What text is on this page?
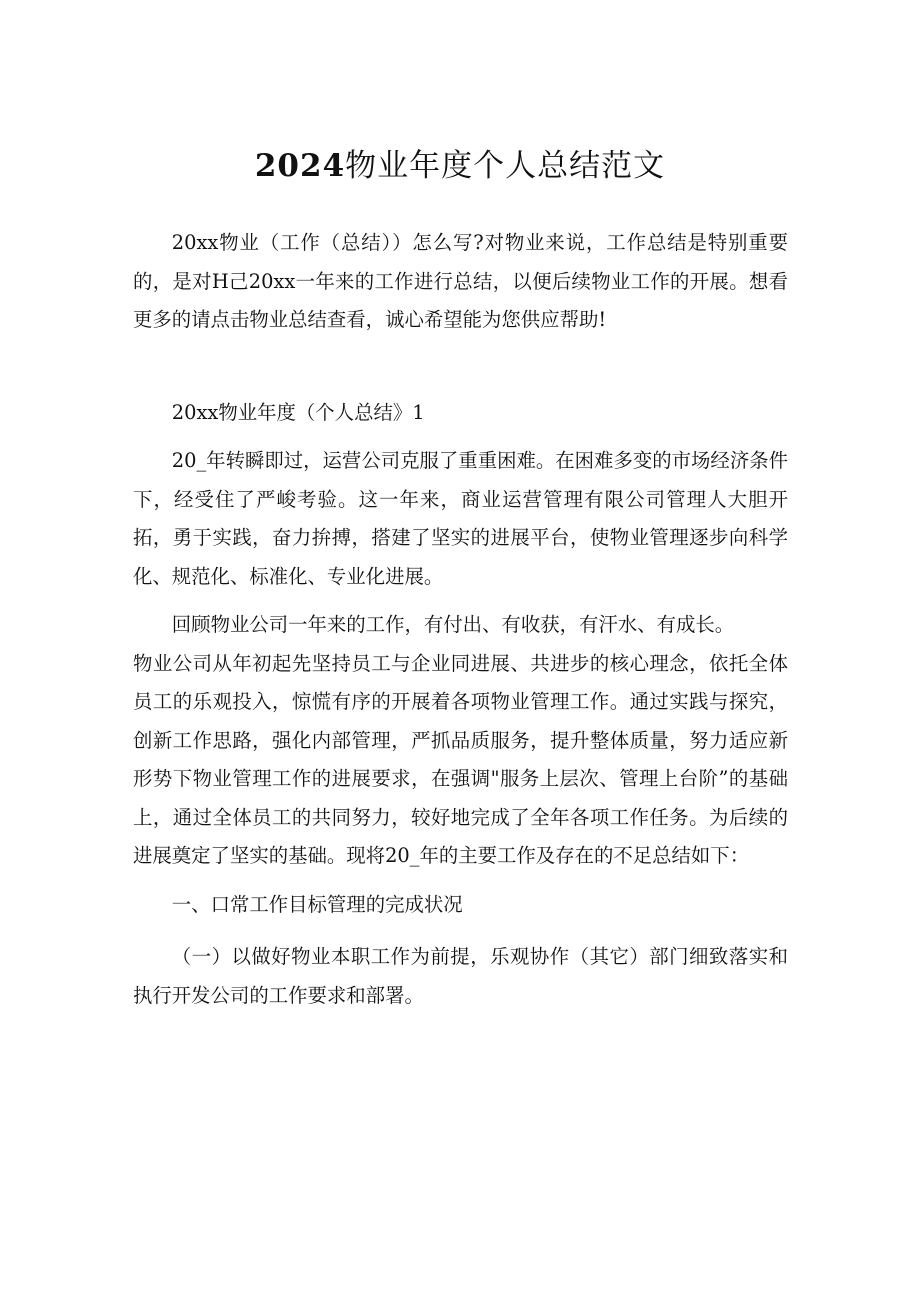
2024物业年度个人总结范文

20xx物业（工作（总结））怎么写?对物业来说，工作总结是特别重要的，是对H己20xx一年来的工作进行总结，以便后续物业工作的开展。想看更多的请点击物业总结查看，诚心希望能为您供应帮助!

20xx物业年度（个人总结》1

20_年转瞬即过，运营公司克服了重重困难。在困难多变的市场经济条件下，经受住了严峻考验。这一年来，商业运营管理有限公司管理人大胆开拓，勇于实践，奋力拚搏，搭建了坚实的进展平台，使物业管理逐步向科学化、规范化、标准化、专业化进展。

回顾物业公司一年来的工作，有付出、有收获，有汗水、有成长。

物业公司从年初起先坚持员工与企业同进展、共进步的核心理念，依托全体员工的乐观投入，惊慌有序的开展着各项物业管理工作。通过实践与探究，创新工作思路，强化内部管理，严抓品质服务，提升整体质量，努力适应新形势下物业管理工作的进展要求，在强调"服务上层次、管理上台阶”的基础上，通过全体员工的共同努力，较好地完成了全年各项工作任务。为后续的进展奠定了坚实的基础。现将20_年的主要工作及存在的不足总结如下：

一、口常工作目标管理的完成状况

（一）以做好物业本职工作为前提，乐观协作（其它）部门细致落实和执行开发公司的工作要求和部署。
